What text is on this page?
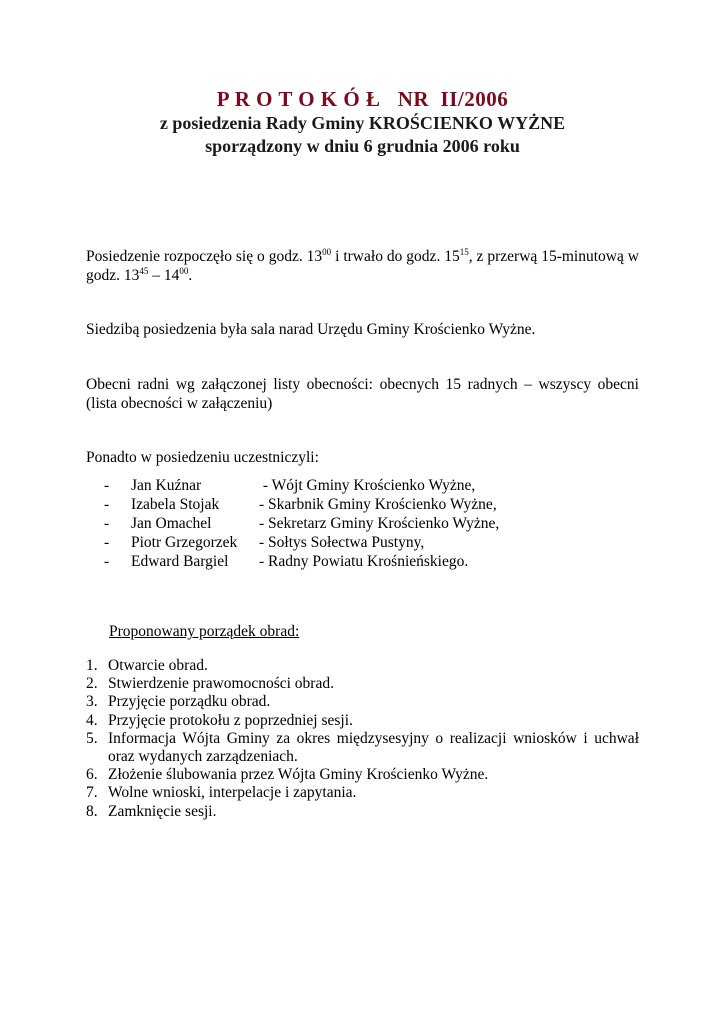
P R O T O K Ó Ł   NR  II/2006
z posiedzenia Rady Gminy KROŚCIENKO WYŻNE
sporządzony w dniu 6 grudnia 2006 roku
Posiedzenie rozpoczęło się o godz. $13^{00}$ i trwało do godz. $15^{15}$, z przerwą 15-minutową w godz. $13^{45} - 14^{00}$.
Siedzibą posiedzenia była sala narad Urzędu Gminy Krościenko Wyżne.
Obecni radni wg załączonej listy obecności: obecnych 15 radnych – wszyscy obecni (lista obecności w załączeniu)
Ponadto w posiedzeniu uczestniczyli:
-	Jan Kuźnar	- Wójt Gminy Krościenko Wyżne,
-	Izabela Stojak	- Skarbnik Gminy Krościenko Wyżne,
-	Jan Omachel	- Sekretarz Gminy Krościenko Wyżne,
-	Piotr Grzegorzek	- Sołtys Sołectwa Pustyny,
-	Edward Bargiel	- Radny Powiatu Krośnieńskiego.
Proponowany porządek obrad:
1. Otwarcie obrad.
2. Stwierdzenie prawomocności obrad.
3. Przyjęcie porządku obrad.
4. Przyjęcie protokołu z poprzedniej sesji.
5. Informacja Wójta Gminy za okres międzysesyjny o realizacji wniosków i uchwał oraz wydanych zarządzeniach.
6. Złożenie ślubowania przez Wójta Gminy Krościenko Wyżne.
7. Wolne wnioski, interpelacje i zapytania.
8. Zamknięcie sesji.
